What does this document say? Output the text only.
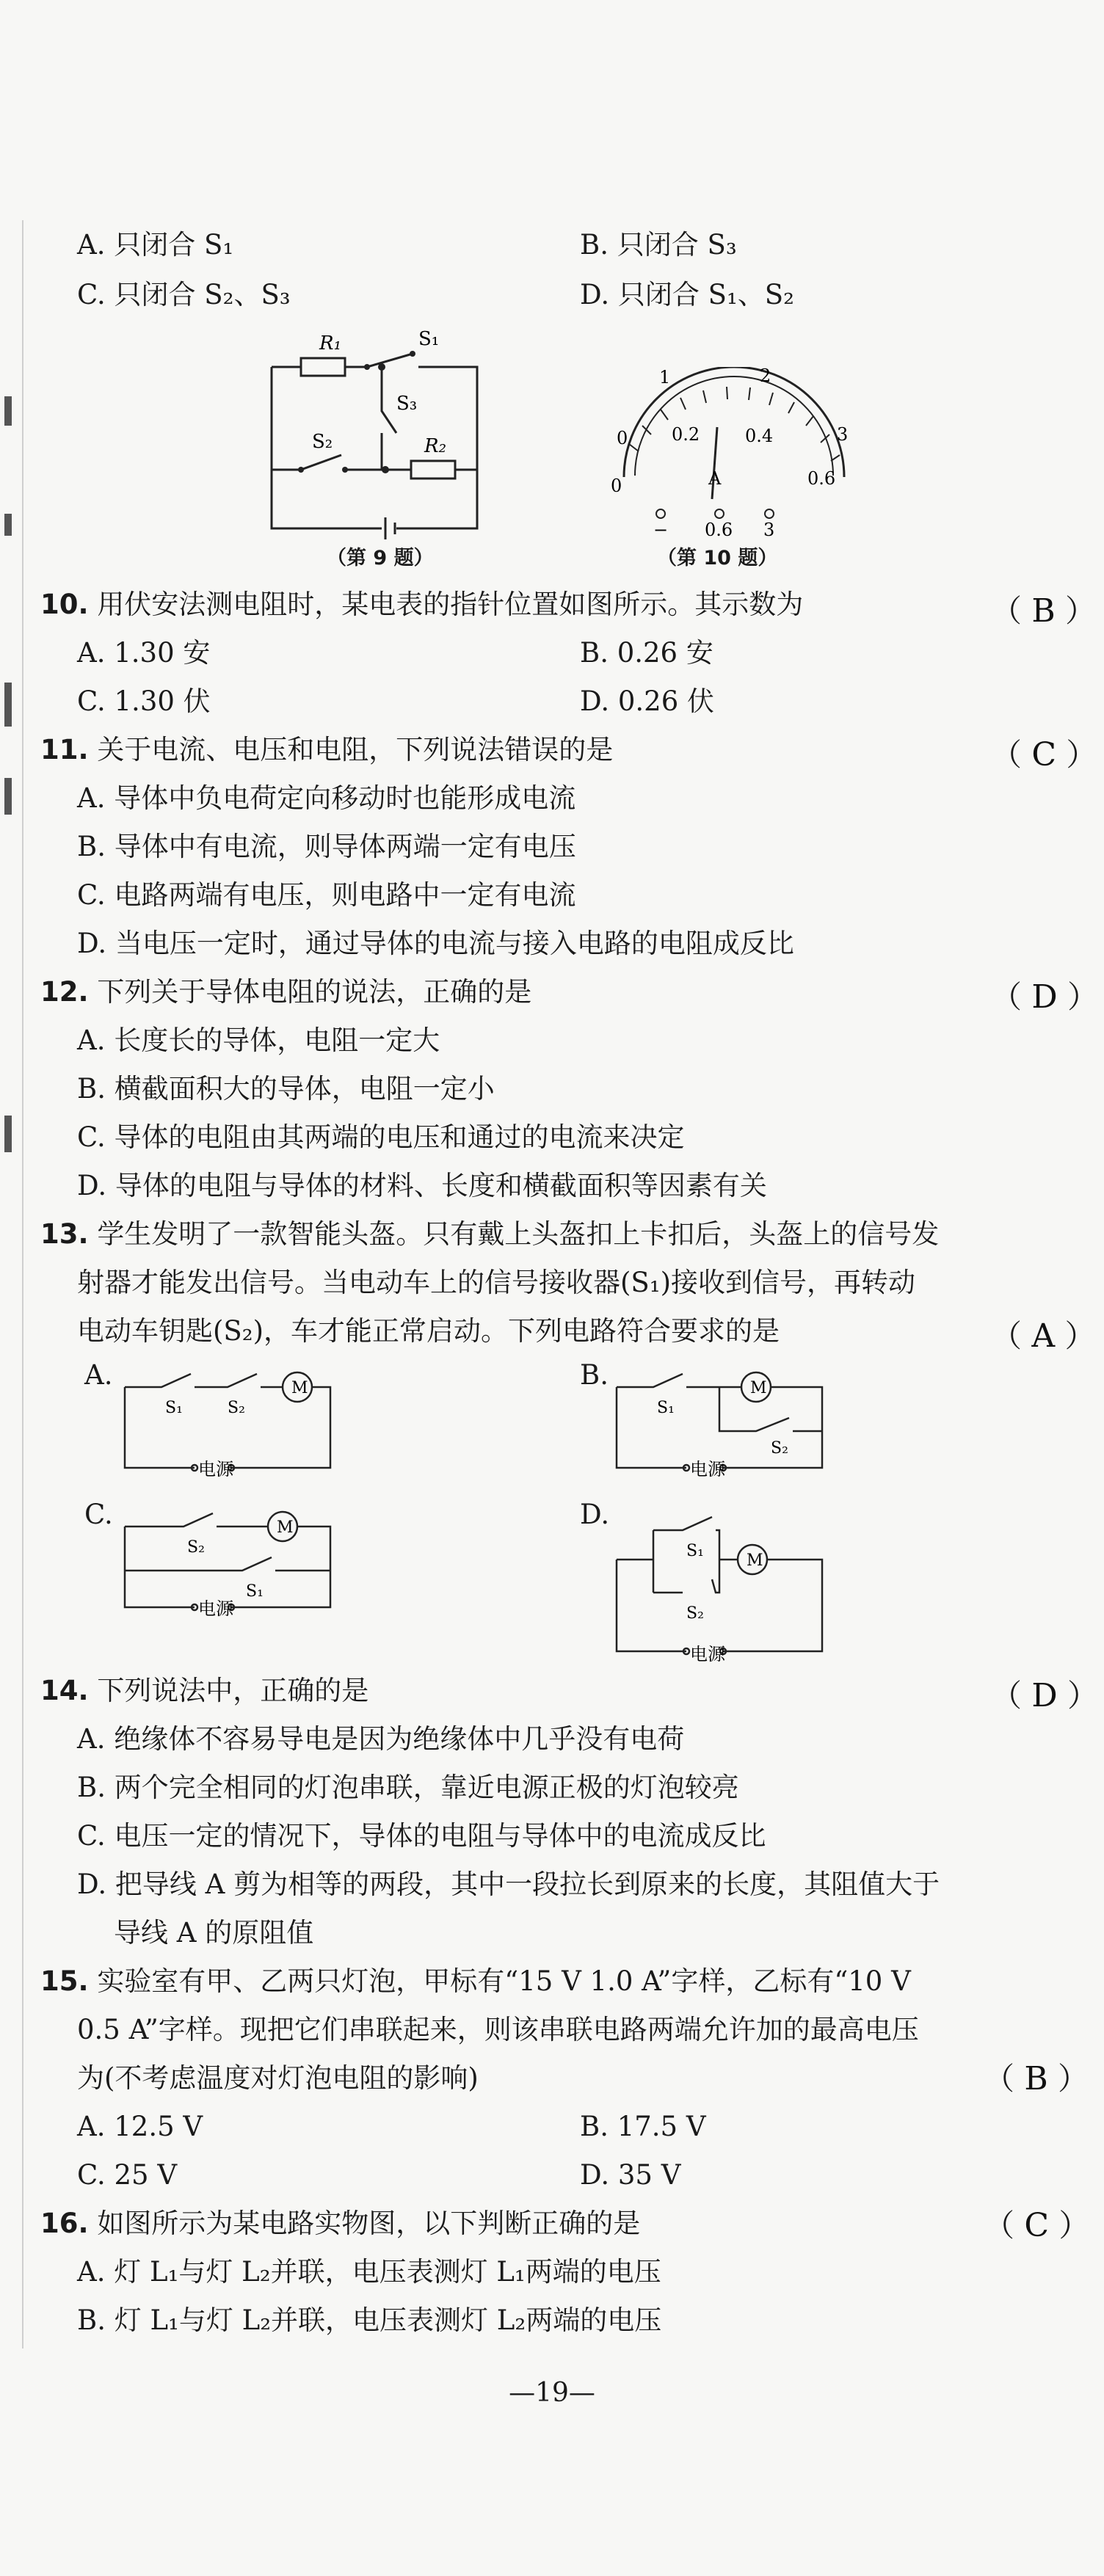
A. 只闭合 S₁	B. 只闭合 S₃
C. 只闭合 S₂、S₃	D. 只闭合 S₁、S₂
R₁	S₁
S₃
S₂	R₂
（第 9 题）
0
0.2	0.4
0.6
0
1	2
3
A
− 0.6 3
（第 10 题）
10. 用伏安法测电阻时，某电表的指针位置如图所示。其示数为	（ B ）
A. 1.30 安	B. 0.26 安
C. 1.30 伏	D. 0.26 伏
11. 关于电流、电压和电阻，下列说法错误的是	（ C ）
A. 导体中负电荷定向移动时也能形成电流
B. 导体中有电流，则导体两端一定有电压
C. 电路两端有电压，则电路中一定有电流
D. 当电压一定时，通过导体的电流与接入电路的电阻成反比
12. 下列关于导体电阻的说法，正确的是	（ D ）
A. 长度长的导体，电阻一定大
B. 横截面积大的导体，电阻一定小
C. 导体的电阻由其两端的电压和通过的电流来决定
D. 导体的电阻与导体的材料、长度和横截面积等因素有关
13. 学生发明了一款智能头盔。只有戴上头盔扣上卡扣后，头盔上的信号发
射器才能发出信号。当电动车上的信号接收器(S₁)接收到信号，再转动
电动车钥匙(S₂)，车才能正常启动。下列电路符合要求的是	（ A ）
A.	M
S₁	S₂
电源
B.	M
S₁
S₂
电源
C.	M
S₂
S₁
电源
D.
M
S₁
S₂
电源
14. 下列说法中，正确的是	（ D ）
A. 绝缘体不容易导电是因为绝缘体中几乎没有电荷
B. 两个完全相同的灯泡串联，靠近电源正极的灯泡较亮
C. 电压一定的情况下，导体的电阻与导体中的电流成反比
D. 把导线 A 剪为相等的两段，其中一段拉长到原来的长度，其阻值大于
导线 A 的原阻值
15. 实验室有甲、乙两只灯泡，甲标有“15 V 1.0 A”字样，乙标有“10 V
0.5 A”字样。现把它们串联起来，则该串联电路两端允许加的最高电压
为(不考虑温度对灯泡电阻的影响)	（ B ）
A. 12.5 V	B. 17.5 V
C. 25 V	D. 35 V
16. 如图所示为某电路实物图，以下判断正确的是	（ C ）
A. 灯 L₁与灯 L₂并联，电压表测灯 L₁两端的电压
B. 灯 L₁与灯 L₂并联，电压表测灯 L₂两端的电压
—19—
